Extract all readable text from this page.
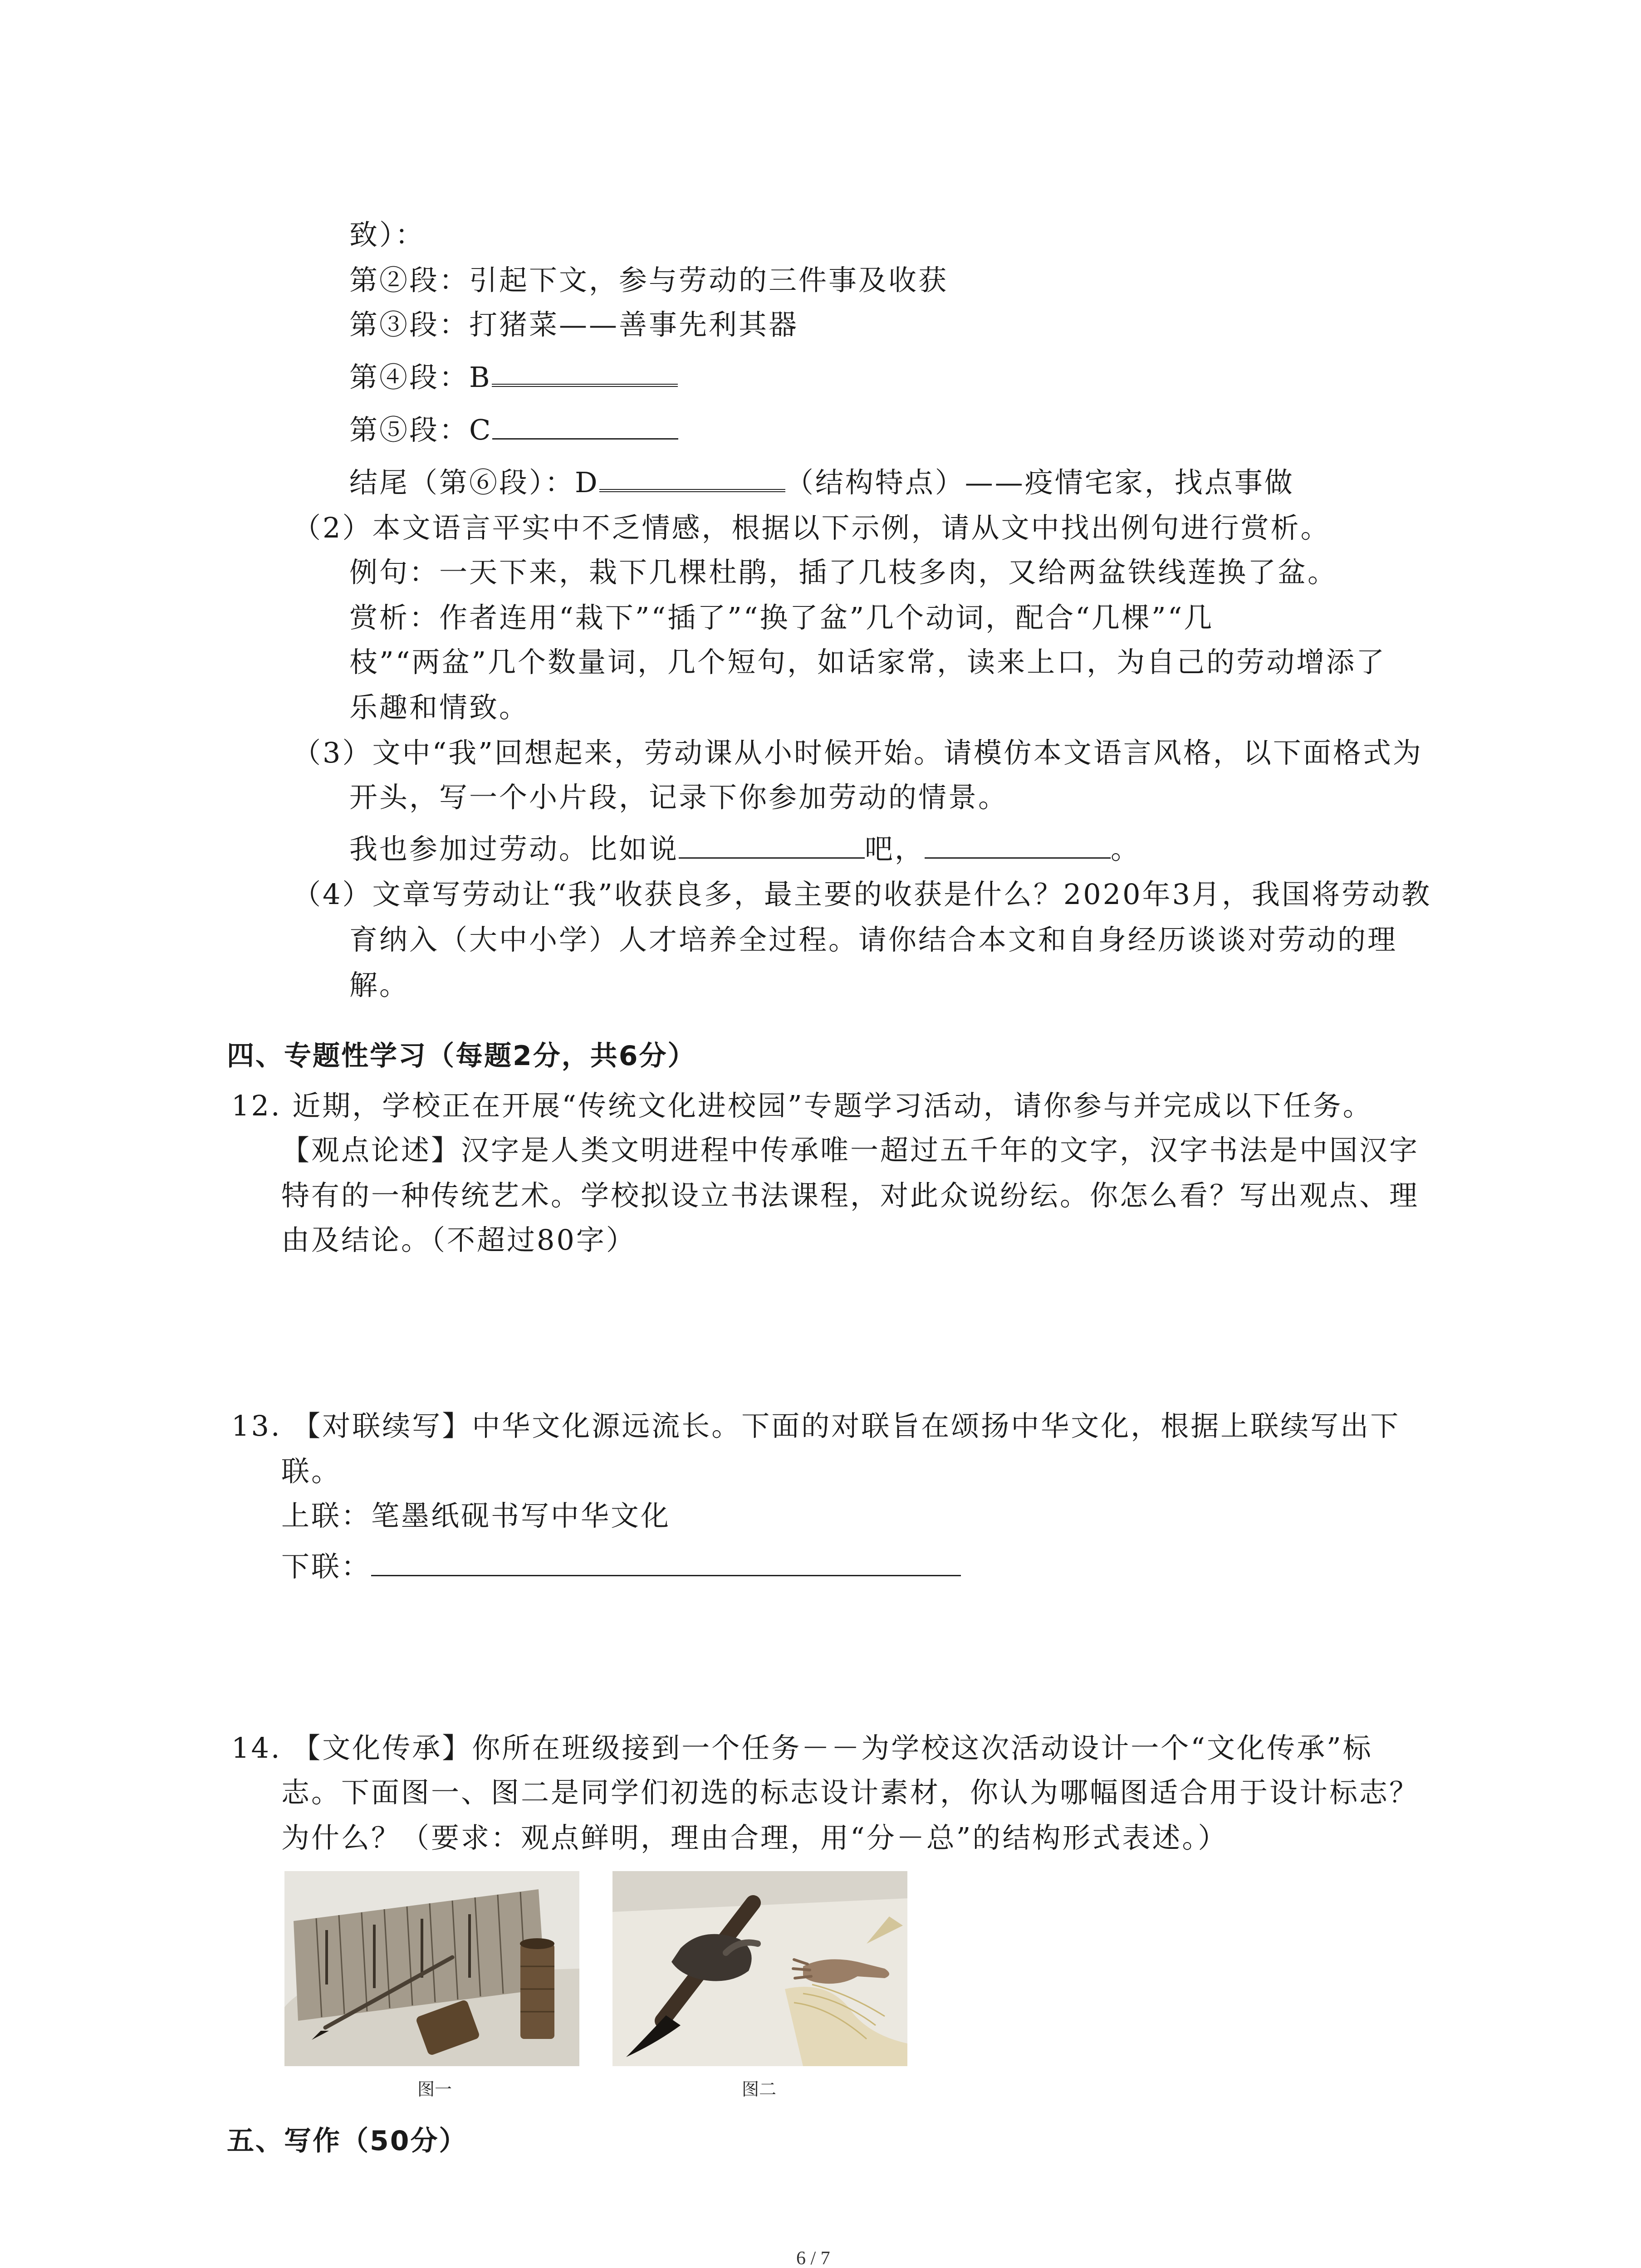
致）：
第②段：引起下文，参与劳动的三件事及收获
第③段：打猪菜——善事先利其器
第④段：B
第⑤段：C
结尾（第⑥段）：D	（结构特点）——疫情宅家，找点事做
（2）本文语言平实中不乏情感，根据以下示例，请从文中找出例句进行赏析。
例句：一天下来，栽下几棵杜鹃，插了几枝多肉，又给两盆铁线莲换了盆。
赏析：作者连用“栽下”“插了”“换了盆”几个动词，配合“几棵”“几
枝”“两盆”几个数量词，几个短句，如话家常，读来上口，为自己的劳动增添了
乐趣和情致。
（3）文中“我”回想起来，劳动课从小时候开始。请模仿本文语言风格，以下面格式为
开头，写一个小片段，记录下你参加劳动的情景。
我也参加过劳动。比如说	吧，	。
（4）文章写劳动让“我”收获良多，最主要的收获是什么？2020年3月，我国将劳动教
育纳入（大中小学）人才培养全过程。请你结合本文和自身经历谈谈对劳动的理
解。
四、专题性学习（每题2分，共6分）
12. 近期，学校正在开展“传统文化进校园”专题学习活动，请你参与并完成以下任务。
【观点论述】汉字是人类文明进程中传承唯一超过五千年的文字，汉字书法是中国汉字
特有的一种传统艺术。学校拟设立书法课程，对此众说纷纭。你怎么看？写出观点、理
由及结论。（不超过80字）
13. 【对联续写】中华文化源远流长。下面的对联旨在颂扬中华文化，根据上联续写出下
联。
上联：笔墨纸砚书写中华文化
下联：
14. 【文化传承】你所在班级接到一个任务－－为学校这次活动设计一个“文化传承”标
志。下面图一、图二是同学们初选的标志设计素材，你认为哪幅图适合用于设计标志？
为什么？（要求：观点鲜明，理由合理，用“分－总”的结构形式表述。）
图一	图二
五、写作（50分）
6 / 7
